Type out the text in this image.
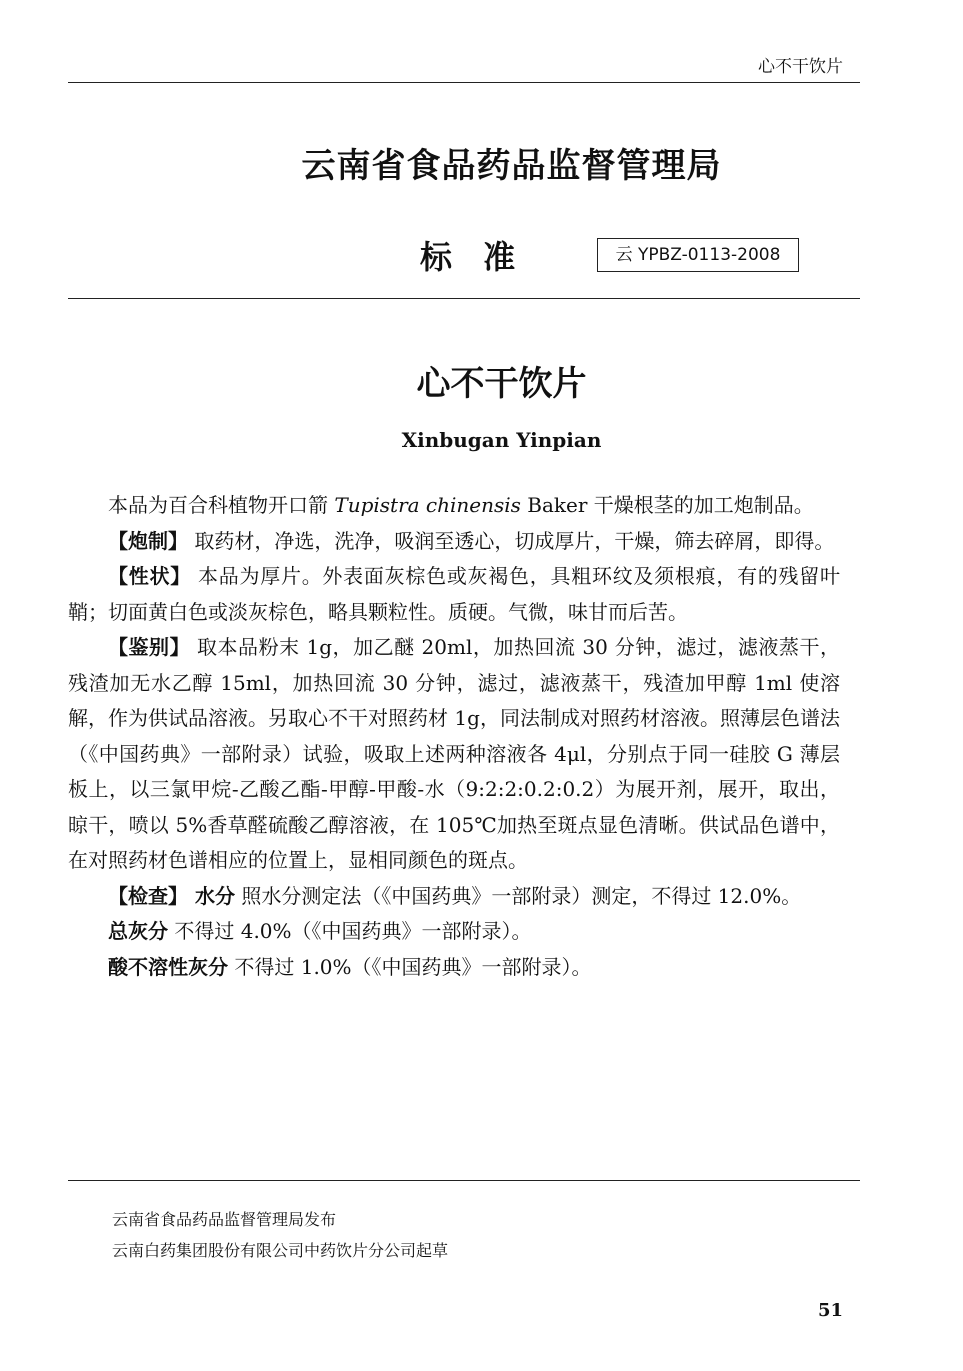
心不干饮片
云南省食品药品监督管理局
标 准	云 YPBZ-0113-2008
心不干饮片
Xinbugan Yinpian

本品为百合科植物开口箭 Tupistra chinensis Baker 干燥根茎的加工炮制品。

【炮制】 取药材，净选，洗净，吸润至透心，切成厚片，干燥，筛去碎屑，即得。

【性状】 本品为厚片。外表面灰棕色或灰褐色，具粗环纹及须根痕，有的残留叶鞘；切面黄白色或淡灰棕色，略具颗粒性。质硬。气微，味甘而后苦。

【鉴别】 取本品粉末 1g，加乙醚 20ml，加热回流 30 分钟，滤过，滤液蒸干，残渣加无水乙醇 15ml，加热回流 30 分钟，滤过，滤液蒸干，残渣加甲醇 1ml 使溶解，作为供试品溶液。另取心不干对照药材 1g，同法制成对照药材溶液。照薄层色谱法（《中国药典》一部附录）试验，吸取上述两种溶液各 4μl，分别点于同一硅胶 G 薄层板上，以三氯甲烷-乙酸乙酯-甲醇-甲酸-水（9:2:2:0.2:0.2）为展开剂，展开，取出，晾干，喷以 5%香草醛硫酸乙醇溶液，在 105℃加热至斑点显色清晰。供试品色谱中，在对照药材色谱相应的位置上，显相同颜色的斑点。

【检查】 水分 照水分测定法（《中国药典》一部附录）测定，不得过 12.0%。

总灰分 不得过 4.0%（《中国药典》一部附录）。

酸不溶性灰分 不得过 1.0%（《中国药典》一部附录）。

云南省食品药品监督管理局发布
云南白药集团股份有限公司中药饮片分公司起草
51
